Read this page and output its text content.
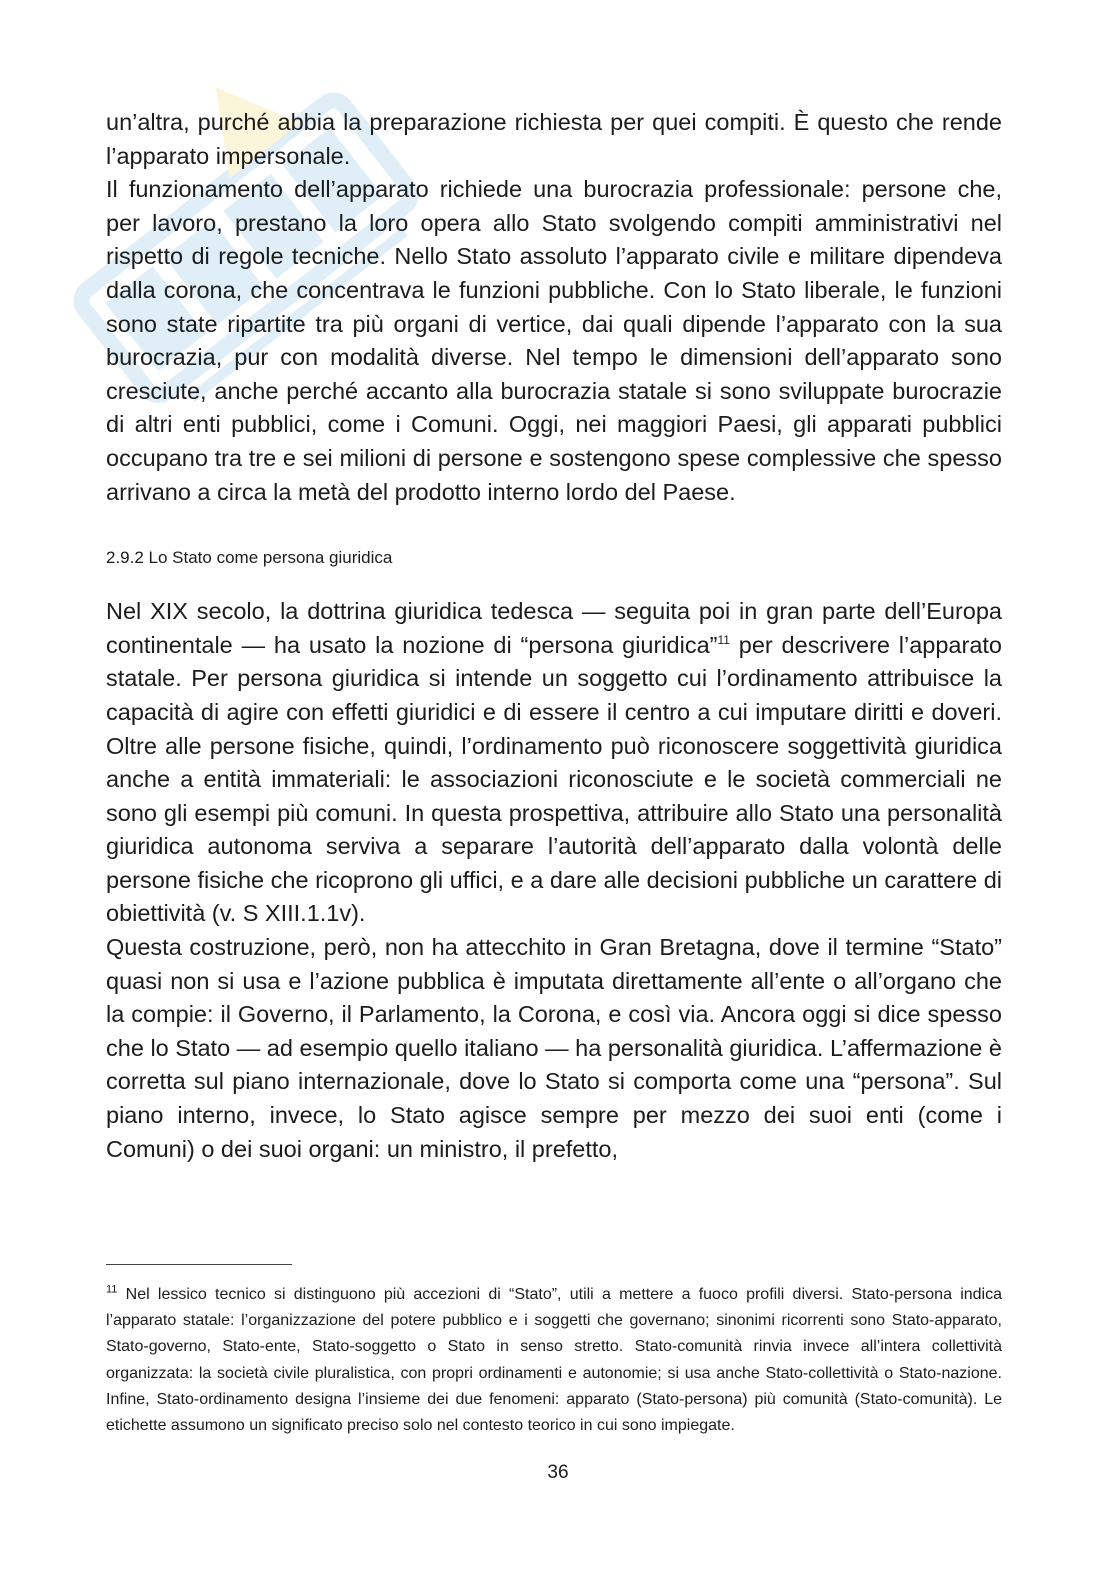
un’altra, purché abbia la preparazione richiesta per quei compiti. È questo che rende l’apparato impersonale.

Il funzionamento dell’apparato richiede una burocrazia professionale: persone che, per lavoro, prestano la loro opera allo Stato svolgendo compiti amministrativi nel rispetto di regole tecniche. Nello Stato assoluto l’apparato civile e militare dipendeva dalla corona, che concentrava le funzioni pubbliche. Con lo Stato liberale, le funzioni sono state ripartite tra più organi di vertice, dai quali dipende l’apparato con la sua burocrazia, pur con modalità diverse. Nel tempo le dimensioni dell’apparato sono cresciute, anche perché accanto alla burocrazia statale si sono sviluppate burocrazie di altri enti pubblici, come i Comuni. Oggi, nei maggiori Paesi, gli apparati pubblici occupano tra tre e sei milioni di persone e sostengono spese complessive che spesso arrivano a circa la metà del prodotto interno lordo del Paese.

2.9.2 Lo Stato come persona giuridica

Nel XIX secolo, la dottrina giuridica tedesca — seguita poi in gran parte dell’Europa continentale — ha usato la nozione di “persona giuridica”$^{11}$ per descrivere l’apparato statale. Per persona giuridica si intende un soggetto cui l’ordinamento attribuisce la capacità di agire con effetti giuridici e di essere il centro a cui imputare diritti e doveri. Oltre alle persone fisiche, quindi, l’ordinamento può riconoscere soggettività giuridica anche a entità immateriali: le associazioni riconosciute e le società commerciali ne sono gli esempi più comuni. In questa prospettiva, attribuire allo Stato una personalità giuridica autonoma serviva a separare l’autorità dell’apparato dalla volontà delle persone fisiche che ricoprono gli uffici, e a dare alle decisioni pubbliche un carattere di obiettività (v. S XIII.1.1v).

Questa costruzione, però, non ha attecchito in Gran Bretagna, dove il termine “Stato” quasi non si usa e l’azione pubblica è imputata direttamente all’ente o all’organo che la compie: il Governo, il Parlamento, la Corona, e così via. Ancora oggi si dice spesso che lo Stato — ad esempio quello italiano — ha personalità giuridica. L’affermazione è corretta sul piano internazionale, dove lo Stato si comporta come una “persona”. Sul piano interno, invece, lo Stato agisce sempre per mezzo dei suoi enti (come i Comuni) o dei suoi organi: un ministro, il prefetto,

$^{11}$ Nel lessico tecnico si distinguono più accezioni di “Stato”, utili a mettere a fuoco profili diversi. Stato-persona indica l’apparato statale: l’organizzazione del potere pubblico e i soggetti che governano; sinonimi ricorrenti sono Stato-apparato, Stato-governo, Stato-ente, Stato-soggetto o Stato in senso stretto. Stato-comunità rinvia invece all’intera collettività organizzata: la società civile pluralistica, con propri ordinamenti e autonomie; si usa anche Stato-collettività o Stato-nazione. Infine, Stato-ordinamento designa l’insieme dei due fenomeni: apparato (Stato-persona) più comunità (Stato-comunità). Le etichette assumono un significato preciso solo nel contesto teorico in cui sono impiegate.

36
